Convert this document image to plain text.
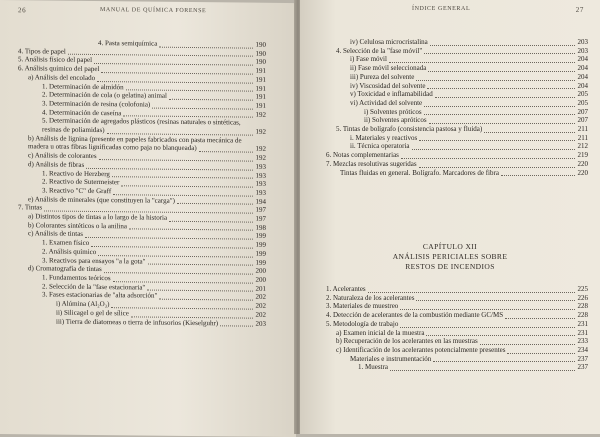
26	MANUAL DE QUÍMICA FORENSE
4. Pasta semiquímica	190
4. Tipos de papel	190
5. Análisis físico del papel	190
6. Análisis químico del papel	191
a) Análisis del encolado	191
1. Determinación de almidón	191
2. Determinación de cola (o gelatina) animal	191
3. Determinación de resina (colofonia)	191
4. Determinación de caseína	192
5. Determinación de agregados plásticos (resinas naturales o sintéticas, resinas de poliamidas)	192
b) Análisis de lignina (presente en papeles fabricados con pasta mecánica de madera u otras fibras lignificadas como paja no blanqueada)	192
c) Análisis de colorantes	192
d) Análisis de fibras	193
1. Reactivo de Herzberg	193
2. Reactivo de Sutermeister	193
3. Reactivo "C" de Graff	193
e) Análisis de minerales (que constituyen la "carga")	194
7. Tintas	197
a) Distintos tipos de tintas a lo largo de la historia	197
b) Colorantes sintéticos o la anilina	198
c) Análisis de tintas	199
1. Examen físico	199
2. Análisis químico	199
3. Reactivos para ensayos "a la gota"	199
d) Cromatografía de tintas	200
1. Fundamentos teóricos	200
2. Selección de la "fase estacionaria"	201
3. Fases estacionarias de "alta adsorción"	202
i) Alúmina (Al₂O₃)	202
ii) Silicagel o gel de sílice	202
iii) Tierra de diatomeas o tierra de infusorios (Kieselguhr)	203
ÍNDICE GENERAL	27
iv) Celulosa microcristalina	203
4. Selección de la "fase móvil"	203
i) Fase móvil	204
ii) Fase móvil seleccionada	204
iii) Pureza del solvente	204
iv) Viscosidad del solvente	204
v) Toxicidad e inflamabilidad	205
vi) Actividad del solvente	205
i) Solventes próticos	207
ii) Solventes apróticos	207
5. Tintas de bolígrafo (consistencia pastosa y fluida)	211
i. Materiales y reactivos	211
ii. Técnica operatoria	212
6. Notas complementarias	219
7. Mezclas resolutivas sugeridas	220
Tintas fluidas en general. Bolígrafo. Marcadores de fibra	220
CAPÍTULO XII
ANÁLISIS PERICIALES SOBRE
RESTOS DE INCENDIOS
1. Acelerantes	225
2. Naturaleza de los acelerantes	226
3. Materiales de muestreo	228
4. Detección de acelerantes de la combustión mediante GC/MS	228
5. Metodología de trabajo	231
a) Examen inicial de la muestra	231
b) Recuperación de los acelerantes en las muestras	233
c) Identificación de los acelerantes potencialmente presentes	234
Materiales e instrumentación	237
1. Muestra	237
